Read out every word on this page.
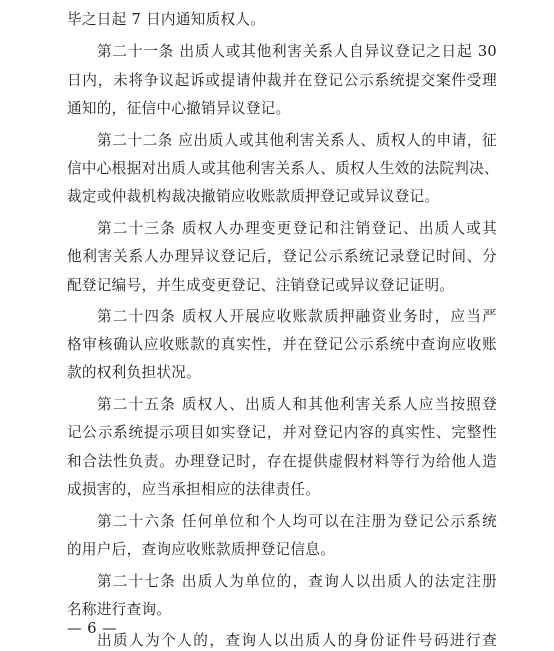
毕之日起 7 日内通知质权人。
第二十一条 出质人或其他利害关系人自异议登记之日起 30
日内，未将争议起诉或提请仲裁并在登记公示系统提交案件受理
通知的，征信中心撤销异议登记。
第二十二条 应出质人或其他利害关系人、质权人的申请，征
信中心根据对出质人或其他利害关系人、质权人生效的法院判决、
裁定或仲裁机构裁决撤销应收账款质押登记或异议登记。
第二十三条 质权人办理变更登记和注销登记、出质人或其
他利害关系人办理异议登记后，登记公示系统记录登记时间、分
配登记编号，并生成变更登记、注销登记或异议登记证明。
第二十四条 质权人开展应收账款质押融资业务时，应当严
格审核确认应收账款的真实性，并在登记公示系统中查询应收账
款的权利负担状况。
第二十五条 质权人、出质人和其他利害关系人应当按照登
记公示系统提示项目如实登记，并对登记内容的真实性、完整性
和合法性负责。办理登记时，存在提供虚假材料等行为给他人造
成损害的，应当承担相应的法律责任。
第二十六条 任何单位和个人均可以在注册为登记公示系统
的用户后，查询应收账款质押登记信息。
第二十七条 出质人为单位的，查询人以出质人的法定注册
名称进行查询。
出质人为个人的，查询人以出质人的身份证件号码进行查
— 6 —
